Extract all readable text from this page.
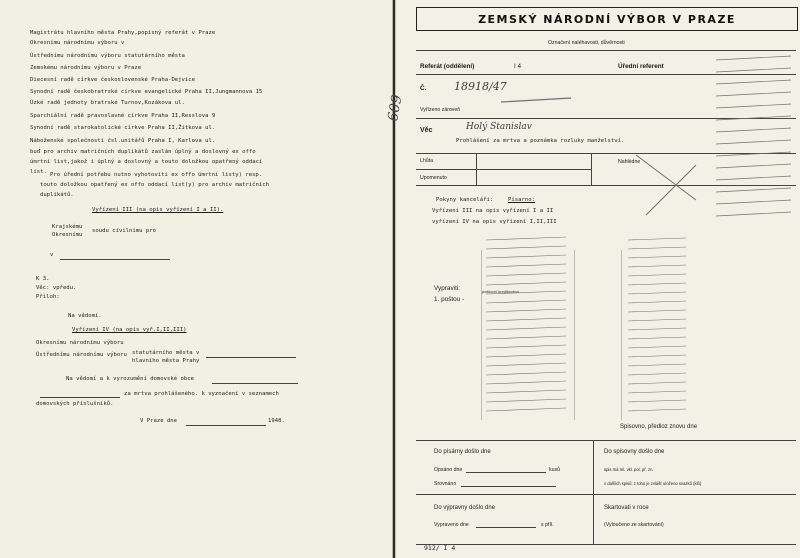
Magistrátu hlavního města Prahy,popisný referát v Praze
Okresnímu národnímu výboru v
Ústřednímu národnímu výboru statutárního města
Zemskému národnímu výboru v Praze
Diecesní radě církve československé Praha-Dejvice
Synodní radě českobratrské církve evangelické Praha II,Jungmannova 15
Úzké radě jednoty bratrské Turnov,Kozákova ul.
Sparchiální radě pravoslavné církve Praha II,Resslova 9
Synodní radě starokatolické církve Praha II,Žitkova ul.
Náboženské společnosti čsl.unitářů Praha I, Karlova ul.
buď pro archiv matričních duplikátů zaslán úplný a doslovný ex offo
úmrtní list,jakož i úplný a doslovný a touto doložkou opatřený oddací
list. Pro úřední potřebu nutno vyhotoviti ex offo úmrtní listy) resp.
touto doložkou opatřený ex offo oddací list(y) pro archiv matričních
duplikátů.
Vyřízení III (na opis vyřízení I a II).
Krajskému
Okresnímu
soudu civilnímu pro
v
K 3.
Věc: vpředu.
Příloh:
Na vědomí.
Vyřízení IV (na opis vyř.I,II,III)
Okresnímu národnímu výboru
Ústřednímu národnímu výboru statutárního města v
hlavního města Prahy
Na vědomí a k vyrozumění domovské obce
za mrtva prohlášeného. k vyznačení v seznamech
domovských příslušníků.
V Praze dne	1948.
ZEMSKÝ NÁRODNÍ VÝBOR V PRAZE
Označení naléhavosti, důvěrnosti
Referát (oddělení)	I 4	Úřední referent
Č.	18918/47
Vyřízeno zároveň
Věc	Holý Stanislav
Prohlášení za mrtva a poznámka rozluky manželství.
Lhůta
Upomenuto
Nahlédne
Pokyny kanceláři:	Písarno:
Vyřízení III na opis vyřízení I a II
vyřízení IV na opis vyřízení I,II,III
Vypraviti:
1. poštou -
poštovní kreditováno
Spisovno, předloz znovu dne
Do písárny došlo dne
Opsáno dne	kusů
Srovnáno
Do spisovny došlo dne
spis má rel. vkl. pol. př. zn.
x dalších spisů: z toho je zvlášť uloženo svazků (klů)
Do výpravny došlo dne
Vypraveno dne	s příl.
Skartovati v roce
(Vyloučeno ze skartování)
912/ I 4
609
